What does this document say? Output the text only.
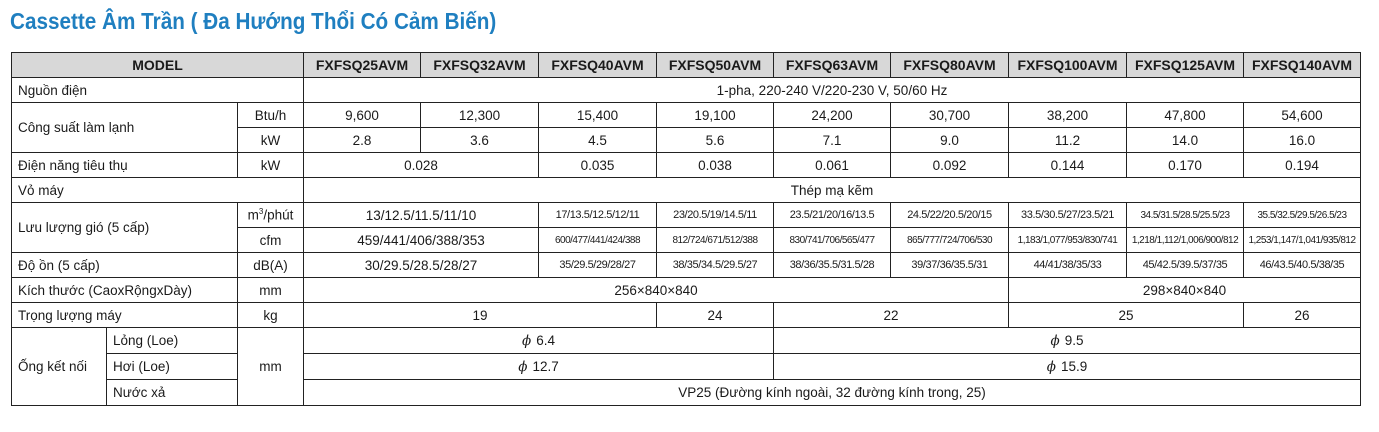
Cassette Âm Trần ( Đa Hướng Thổi Có Cảm Biến)
MODEL			FXFSQ25AVM	FXFSQ32AVM	FXFSQ40AVM	FXFSQ50AVM	FXFSQ63AVM	FXFSQ80AVM	FXFSQ100AVM	FXFSQ125AVM	FXFSQ140AVM
Nguồn điện			1-pha, 220-240 V/220-230 V, 50/60 Hz								
Công suất làm lạnh		Btu/h	9,600	12,300	15,400	19,100	24,200	30,700	38,200	47,800	54,600
		kW	2.8	3.6	4.5	5.6	7.1	9.0	11.2	14.0	16.0
Điện năng tiêu thụ		kW	0.028		0.035	0.038	0.061	0.092	0.144	0.170	0.194
Vỏ máy			Thép mạ kẽm								
Lưu lượng gió (5 cấp)		$m^3$/phút	13/12.5/11.5/11/10		17/13.5/12.5/12/11	23/20.5/19/14.5/11	23.5/21/20/16/13.5	24.5/22/20.5/20/15	33.5/30.5/27/23.5/21	34.5/31.5/28.5/25.5/23	35.5/32.5/29.5/26.5/23
		cfm	459/441/406/388/353		600/477/441/424/388	812/724/671/512/388	830/741/706/565/477	865/777/724/706/530	1,183/1,077/953/830/741	1,218/1,112/1,006/900/812	1,253/1,147/1,041/935/812
Độ ồn (5 cấp)		dB(A)	30/29.5/28.5/28/27		35/29.5/29/28/27	38/35/34.5/29.5/27	38/36/35.5/31.5/28	39/37/36/35.5/31	44/41/38/35/33	45/42.5/39.5/37/35	46/43.5/40.5/38/35
Kích thước (CaoxRộngxDày)		mm	256×840×840						298×840×840		
Trọng lượng máy		kg	19			24	22		25		26
Ống kết nối	Lỏng (Loe)	mm	ϕ 6.4				ϕ 9.5				
	Hơi (Loe)		ϕ 12.7				ϕ 15.9				
	Nước xả		VP25 (Đường kính ngoài, 32 đường kính trong, 25)								
